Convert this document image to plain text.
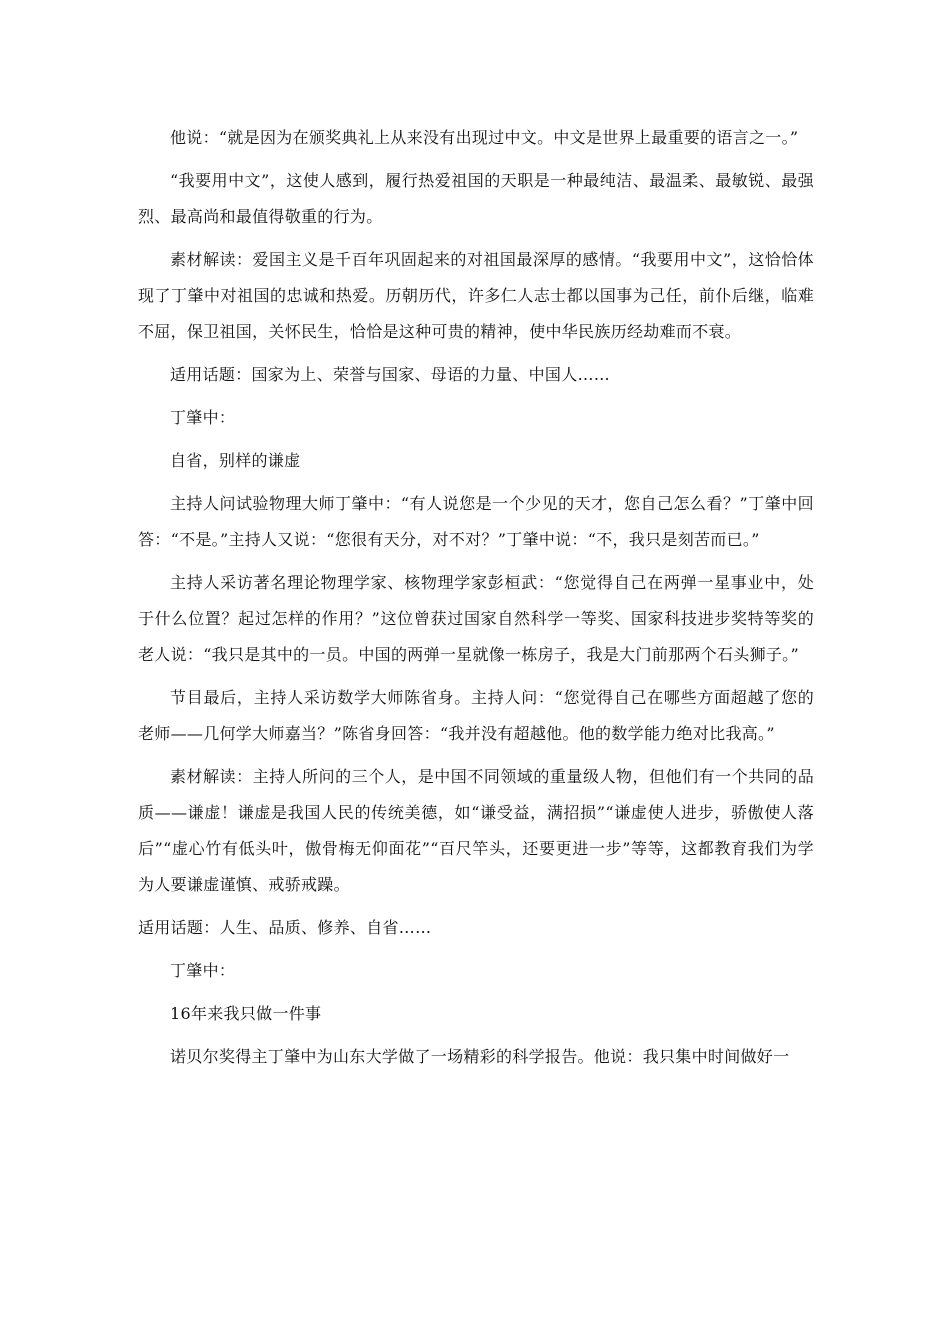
他说：“就是因为在颁奖典礼上从来没有出现过中文。中文是世界上最重要的语言之一。”

“我要用中文”，这使人感到，履行热爱祖国的天职是一种最纯洁、最温柔、最敏锐、最强烈、最高尚和最值得敬重的行为。

素材解读：爱国主义是千百年巩固起来的对祖国最深厚的感情。“我要用中文”，这恰恰体现了丁肇中对祖国的忠诚和热爱。历朝历代，许多仁人志士都以国事为己任，前仆后继，临难不屈，保卫祖国，关怀民生，恰恰是这种可贵的精神，使中华民族历经劫难而不衰。

适用话题：国家为上、荣誉与国家、母语的力量、中国人……

丁肇中：

自省，别样的谦虚

主持人问试验物理大师丁肇中：“有人说您是一个少见的天才，您自己怎么看？”丁肇中回答：“不是。”主持人又说：“您很有天分，对不对？”丁肇中说：“不，我只是刻苦而已。”

主持人采访著名理论物理学家、核物理学家彭桓武：“您觉得自己在两弹一星事业中，处于什么位置？起过怎样的作用？”这位曾获过国家自然科学一等奖、国家科技进步奖特等奖的老人说：“我只是其中的一员。中国的两弹一星就像一栋房子，我是大门前那两个石头狮子。”

节目最后，主持人采访数学大师陈省身。主持人问：“您觉得自己在哪些方面超越了您的老师——几何学大师嘉当？”陈省身回答：“我并没有超越他。他的数学能力绝对比我高。”

素材解读：主持人所问的三个人，是中国不同领域的重量级人物，但他们有一个共同的品质——谦虚！谦虚是我国人民的传统美德，如“谦受益，满招损”“谦虚使人进步，骄傲使人落后”“虚心竹有低头叶，傲骨梅无仰面花”“百尺竿头，还要更进一步”等等，这都教育我们为学为人要谦虚谨慎、戒骄戒躁。

适用话题：人生、品质、修养、自省……

丁肇中：

16年来我只做一件事

诺贝尔奖得主丁肇中为山东大学做了一场精彩的科学报告。他说：我只集中时间做好一
